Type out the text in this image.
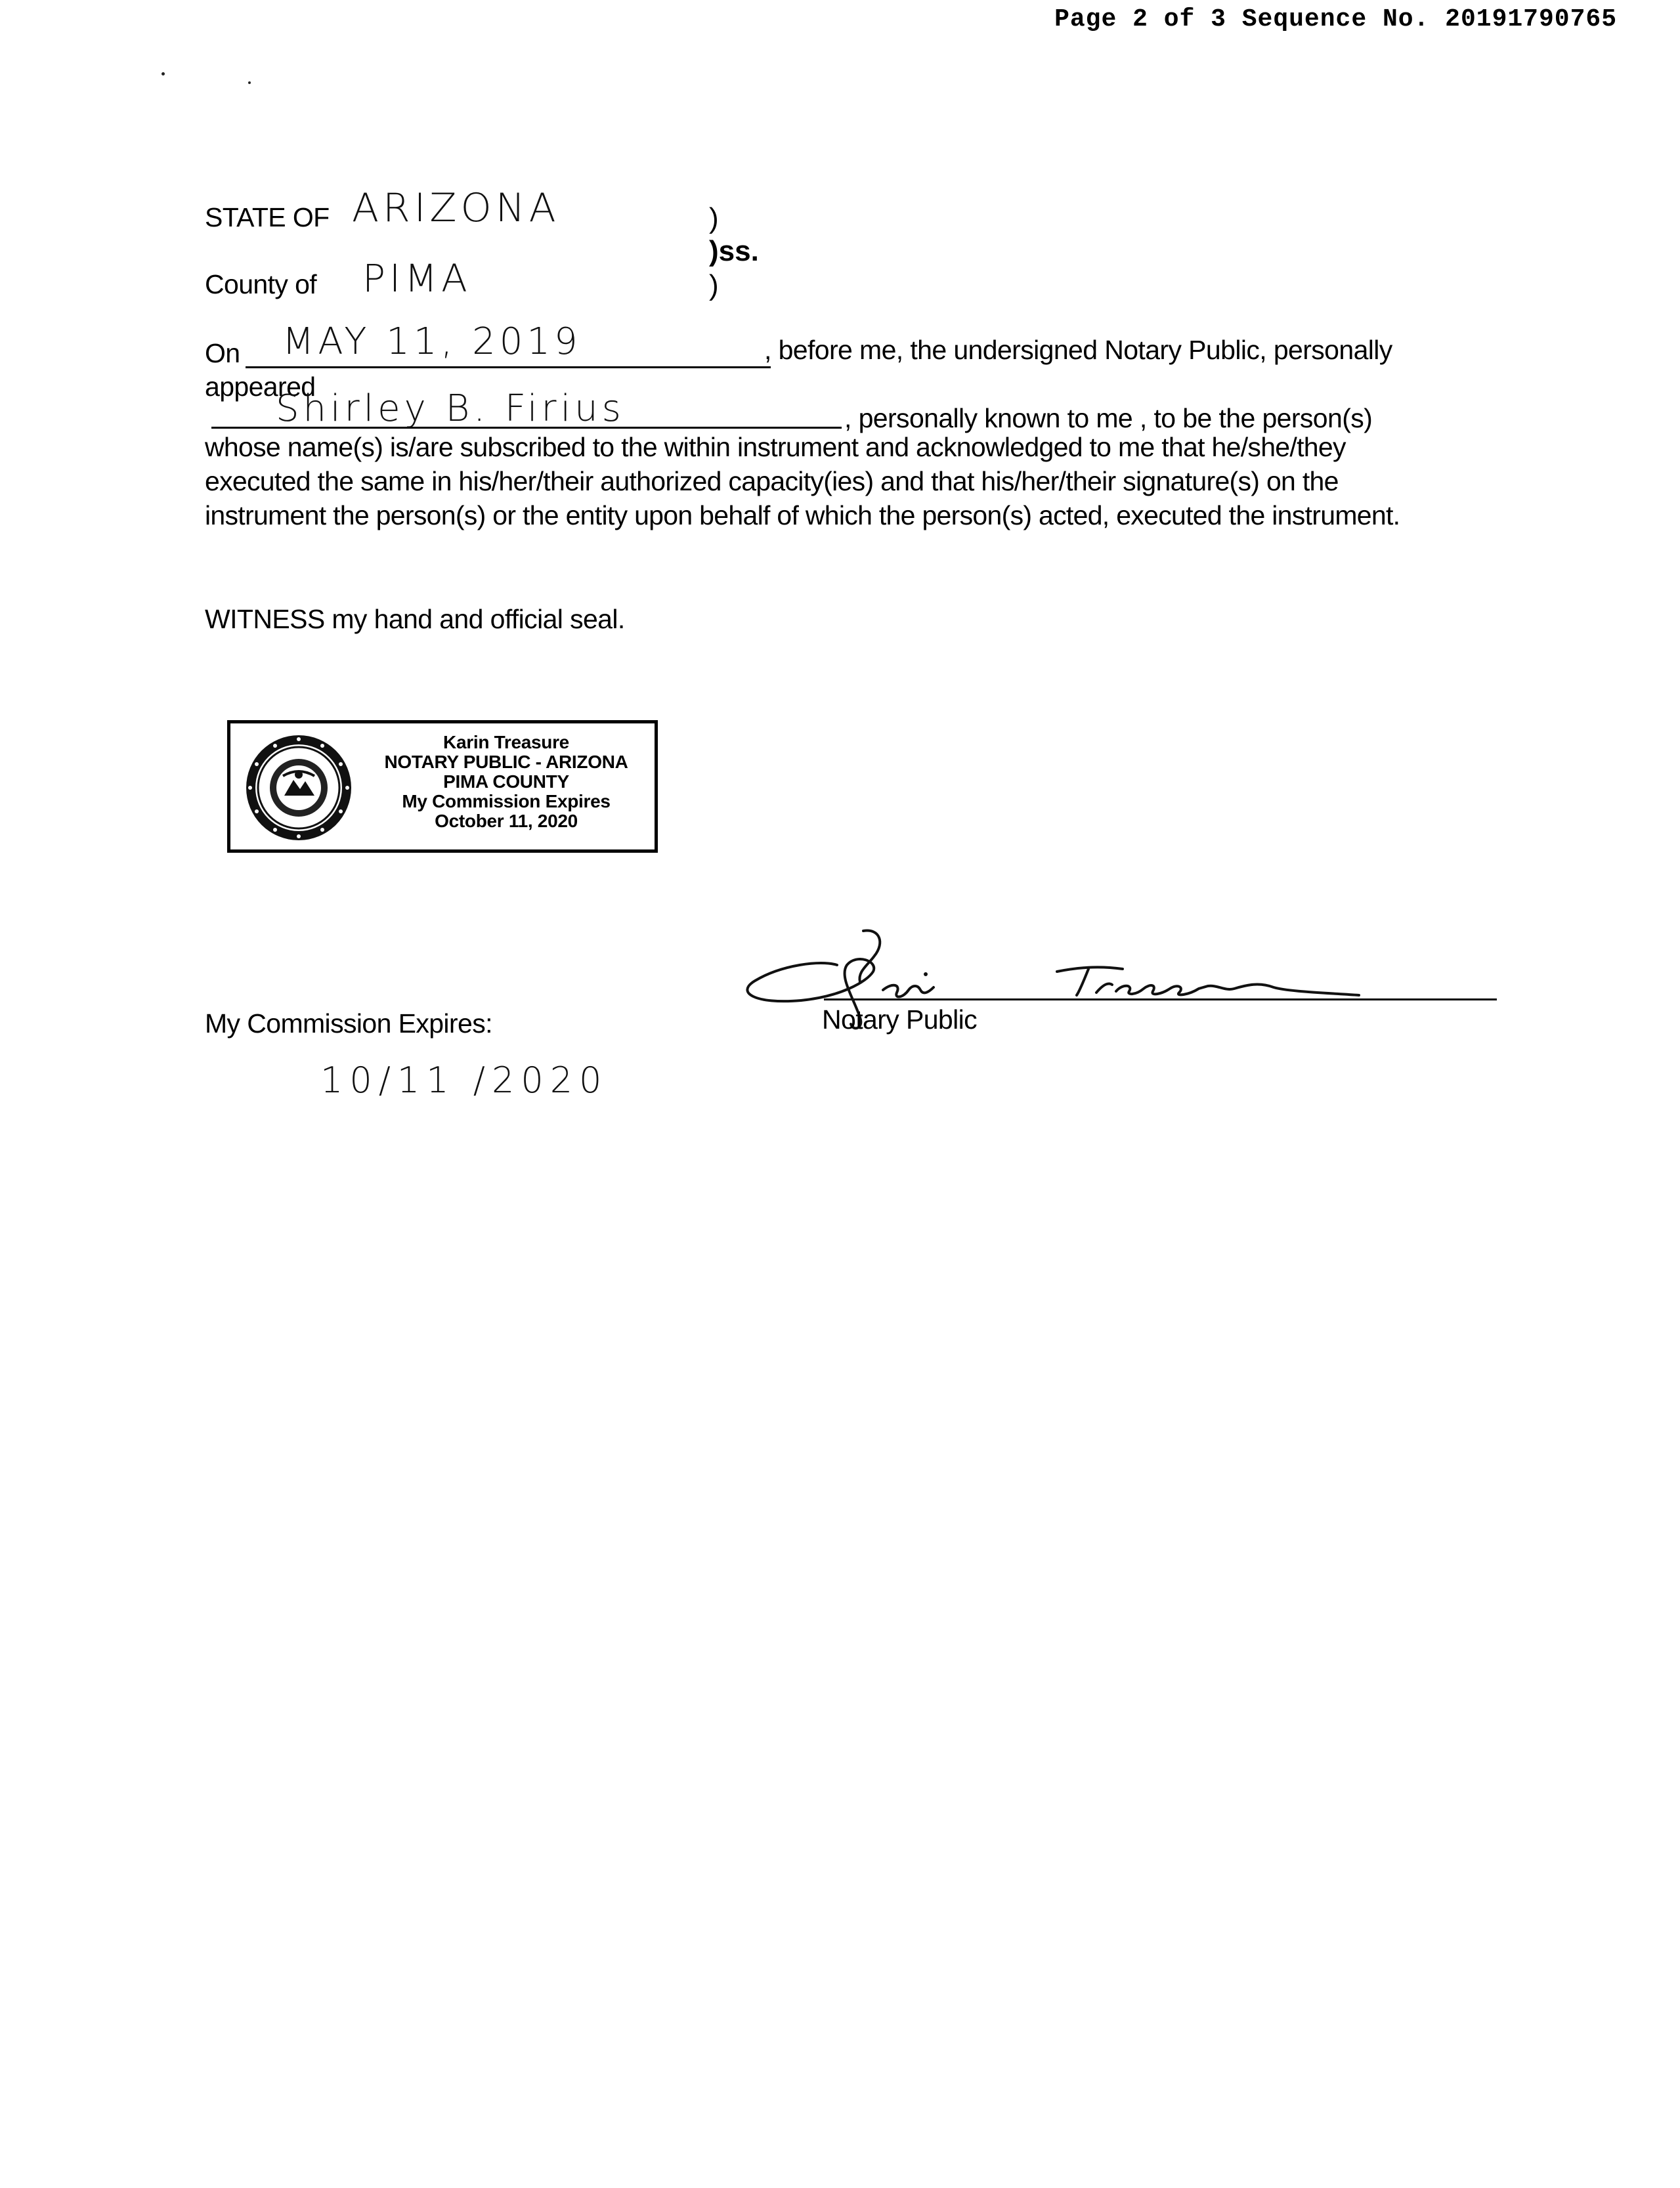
Page 2 of 3 Sequence No. 20191790765
STATE OF ARIZONA
County of PIMA
)
)ss.
)
On MAY 11, 2019	, before me, the undersigned Notary Public, personally
appeared
Shirley B. Firius	, personally known to me , to be the person(s)
whose name(s) is/are subscribed to the within instrument and acknowledged to me that he/she/they executed the same in his/her/their authorized capacity(ies) and that his/her/their signature(s) on the instrument the person(s) or the entity upon behalf of which the person(s) acted, executed the instrument.
WITNESS my hand and official seal.
Karin Treasure
NOTARY PUBLIC - ARIZONA
PIMA COUNTY
My Commission Expires
October 11, 2020
Notary Public
My Commission Expires:
10/11 /2020
